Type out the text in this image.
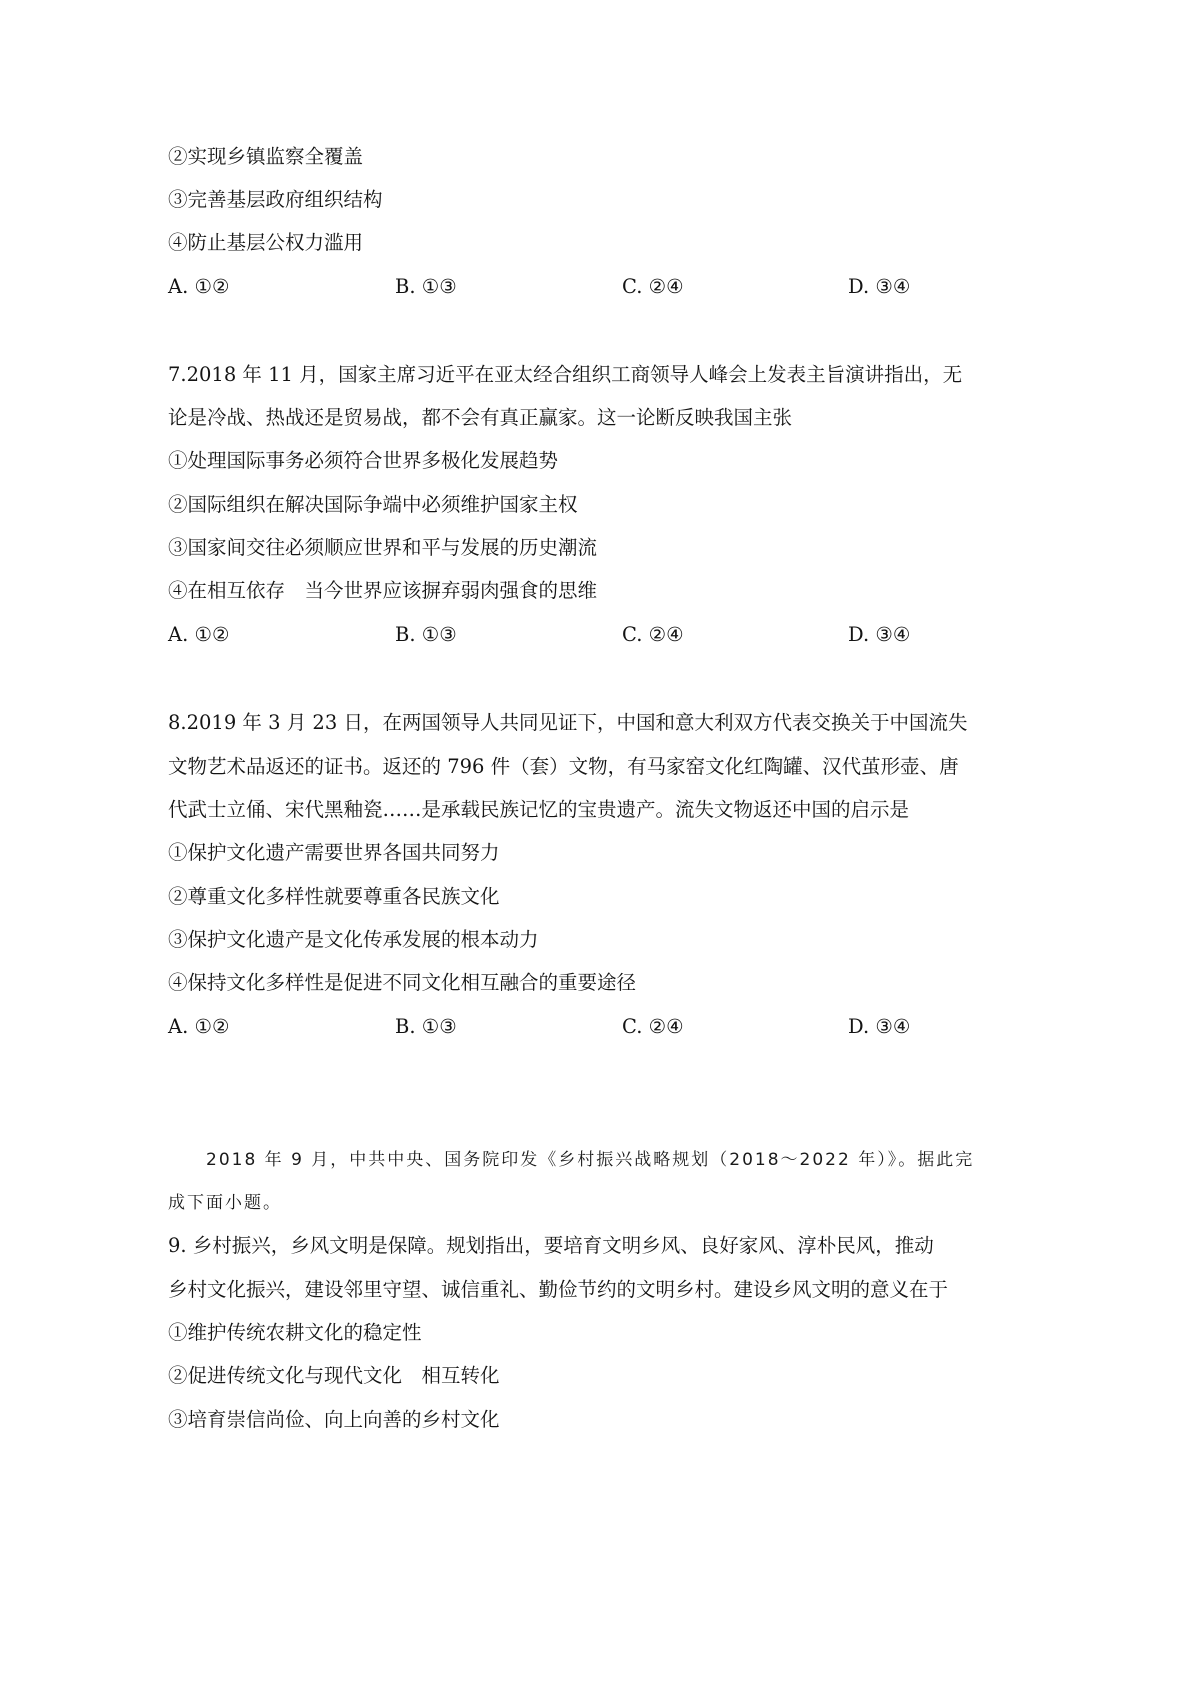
②实现乡镇监察全覆盖
③完善基层政府组织结构
④防止基层公权力滥用
A. ①②	B. ①③	C. ②④	D. ③④
7.2018 年 11 月，国家主席习近平在亚太经合组织工商领导人峰会上发表主旨演讲指出，无
论是冷战、热战还是贸易战，都不会有真正赢家。这一论断反映我国主张
①处理国际事务必须符合世界多极化发展趋势
②国际组织在解决国际争端中必须维护国家主权
③国家间交往必须顺应世界和平与发展的历史潮流
④在相互依存　当今世界应该摒弃弱肉强食的思维
A. ①②	B. ①③	C. ②④	D. ③④
8.2019 年 3 月 23 日，在两国领导人共同见证下，中国和意大利双方代表交换关于中国流失
文物艺术品返还的证书。返还的 796 件（套）文物，有马家窑文化红陶罐、汉代茧形壶、唐
代武士立俑、宋代黑釉瓷……是承载民族记忆的宝贵遗产。流失文物返还中国的启示是
①保护文化遗产需要世界各国共同努力
②尊重文化多样性就要尊重各民族文化
③保护文化遗产是文化传承发展的根本动力
④保持文化多样性是促进不同文化相互融合的重要途径
A. ①②	B. ①③	C. ②④	D. ③④
2018 年 9 月，中共中央、国务院印发《乡村振兴战略规划（2018～2022 年）》。据此完
成下面小题。
9. 乡村振兴，乡风文明是保障。规划指出，要培育文明乡风、良好家风、淳朴民风，推动
乡村文化振兴，建设邻里守望、诚信重礼、勤俭节约的文明乡村。建设乡风文明的意义在于
①维护传统农耕文化的稳定性
②促进传统文化与现代文化　相互转化
③培育崇信尚俭、向上向善的乡村文化
